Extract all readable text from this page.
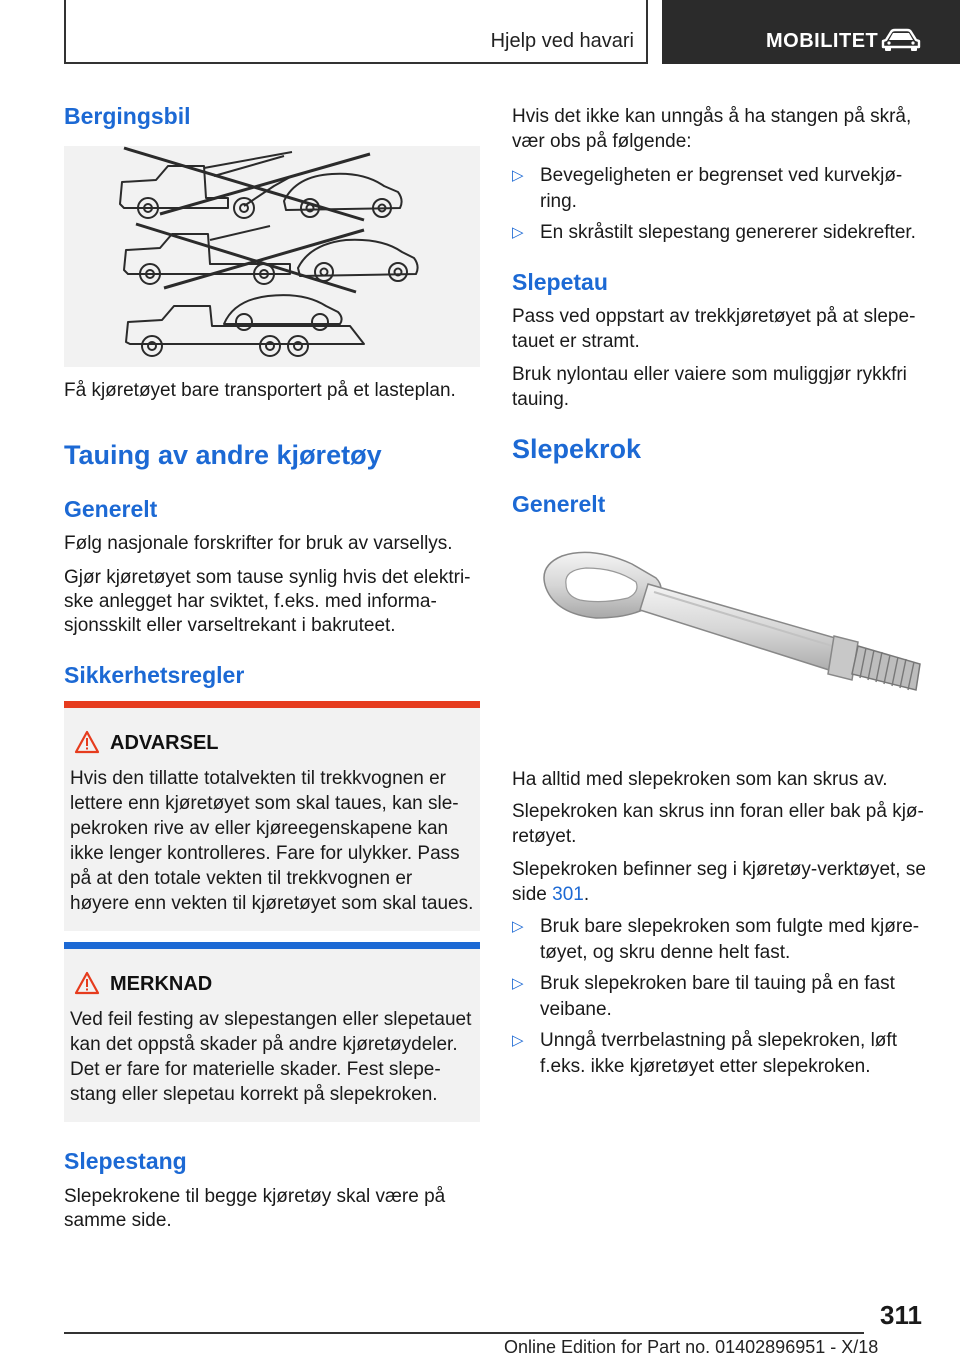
Hjelp ved havari	MOBILITET
Bergingsbil

Få kjøretøyet bare transportert på et lasteplan.

Tauing av andre kjøretøy
Generelt

Følg nasjonale forskrifter for bruk av varsellys.

Gjør kjøretøyet som tause synlig hvis det elektri-

ske anlegget har sviktet, f.eks. med informa-

sjonsskilt eller varseltrekant i bakruteet.

Sikkerhetsregler
ADVARSEL

Hvis den tillatte totalvekten til trekkvognen er

lettere enn kjøretøyet som skal taues, kan sle-

pekroken rive av eller kjøreegenskapene kan

ikke lenger kontrolleres. Fare for ulykker. Pass

på at den totale vekten til trekkvognen er

høyere enn vekten til kjøretøyet som skal taues.

MERKNAD

Ved feil festing av slepestangen eller slepetauet

kan det oppstå skader på andre kjøretøydeler.

Det er fare for materielle skader. Fest slepe-

stang eller slepetau korrekt på slepekroken.

Slepestang

Slepekrokene til begge kjøretøy skal være på

samme side.

Hvis det ikke kan unngås å ha stangen på skrå,

vær obs på følgende:

▷ Bevegeligheten er begrenset ved kurvekjø-
ring.
▷ En skråstilt slepestang genererer sidekrefter.
Slepetau

Pass ved oppstart av trekkjøretøyet på at slepe-

tauet er stramt.

Bruk nylontau eller vaiere som muliggjør rykkfri

tauing.

Slepekrok
Generelt

Ha alltid med slepekroken som kan skrus av.

Slepekroken kan skrus inn foran eller bak på kjø-

retøyet.

Slepekroken befinner seg i kjøretøy-verktøyet, se

side 301.

▷ Bruk bare slepekroken som fulgte med kjøre-
tøyet, og skru denne helt fast.
▷ Bruk slepekroken bare til tauing på en fast
veibane.
▷ Unngå tverrbelastning på slepekroken, løft
f.eks. ikke kjøretøyet etter slepekroken.
311
Online Edition for Part no. 01402896951 - X/18
